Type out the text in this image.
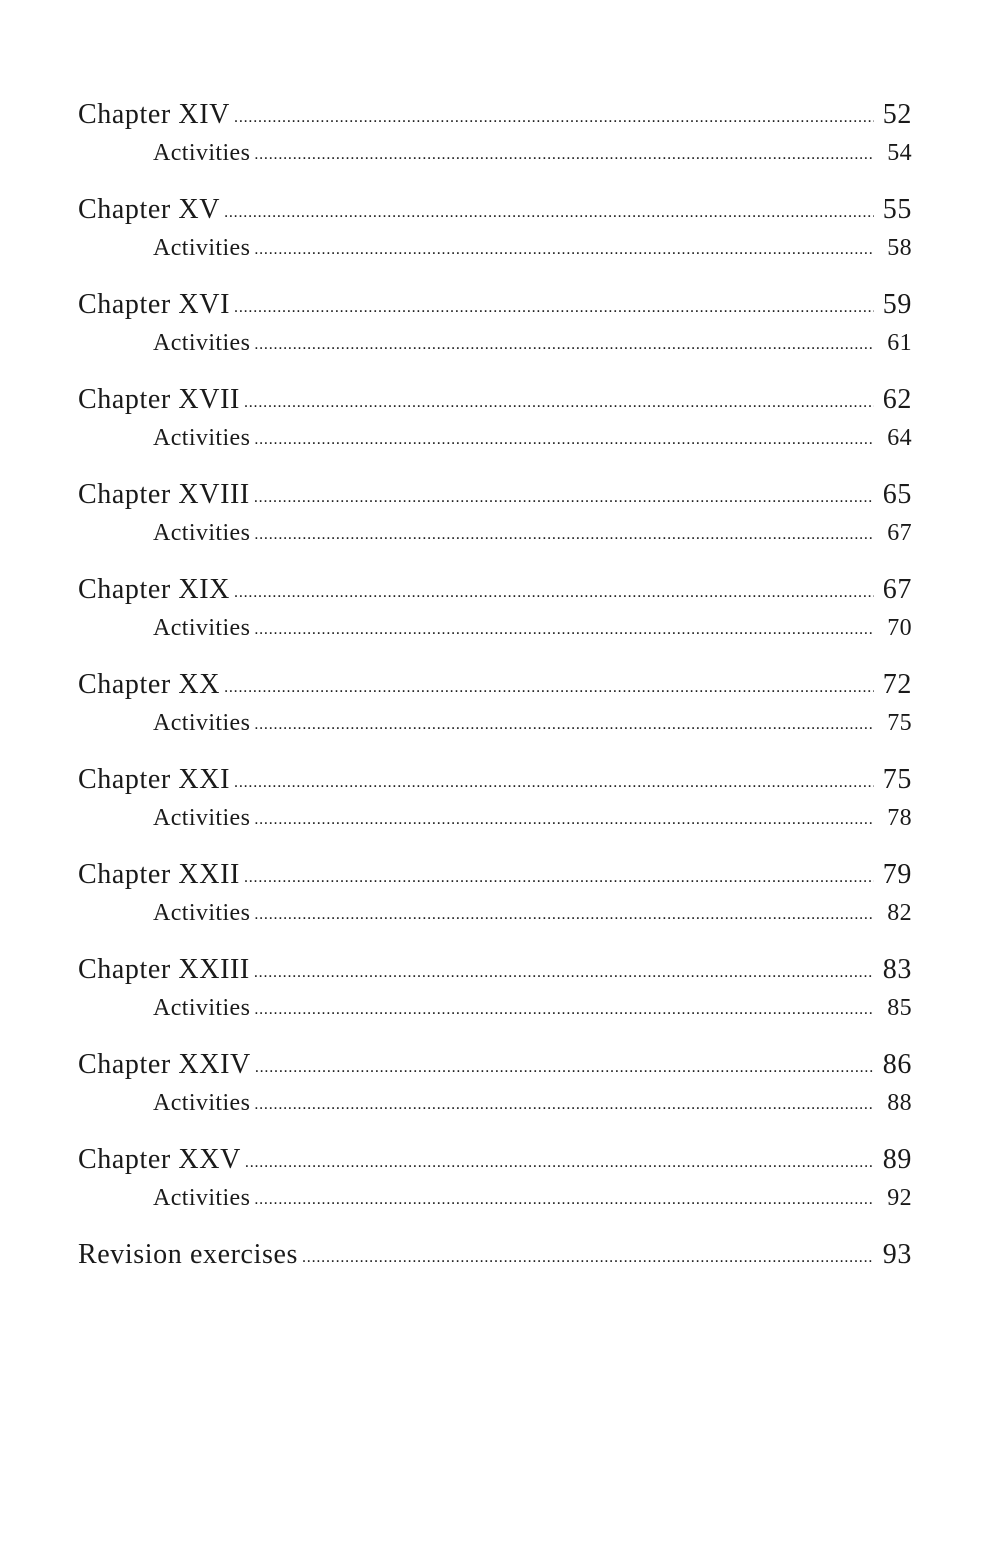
Chapter XIV . . .	52
Activities . . .	54
Chapter XV . . .	55
Activities . . .	58
Chapter XVI . . .	59
Activities . . .	61
Chapter XVII . . .	62
Activities . . .	64
Chapter XVIII . . .	65
Activities . . .	67
Chapter XIX . . .	67
Activities . . .	70
Chapter XX . . .	72
Activities . . .	75
Chapter XXI . . .	75
Activities . . .	78
Chapter XXII . . .	79
Activities . . .	82
Chapter XXIII . . .	83
Activities . . .	85
Chapter XXIV . . .	86
Activities . . .	88
Chapter XXV . . .	89
Activities . . .	92
Revision exercises . . .	93
